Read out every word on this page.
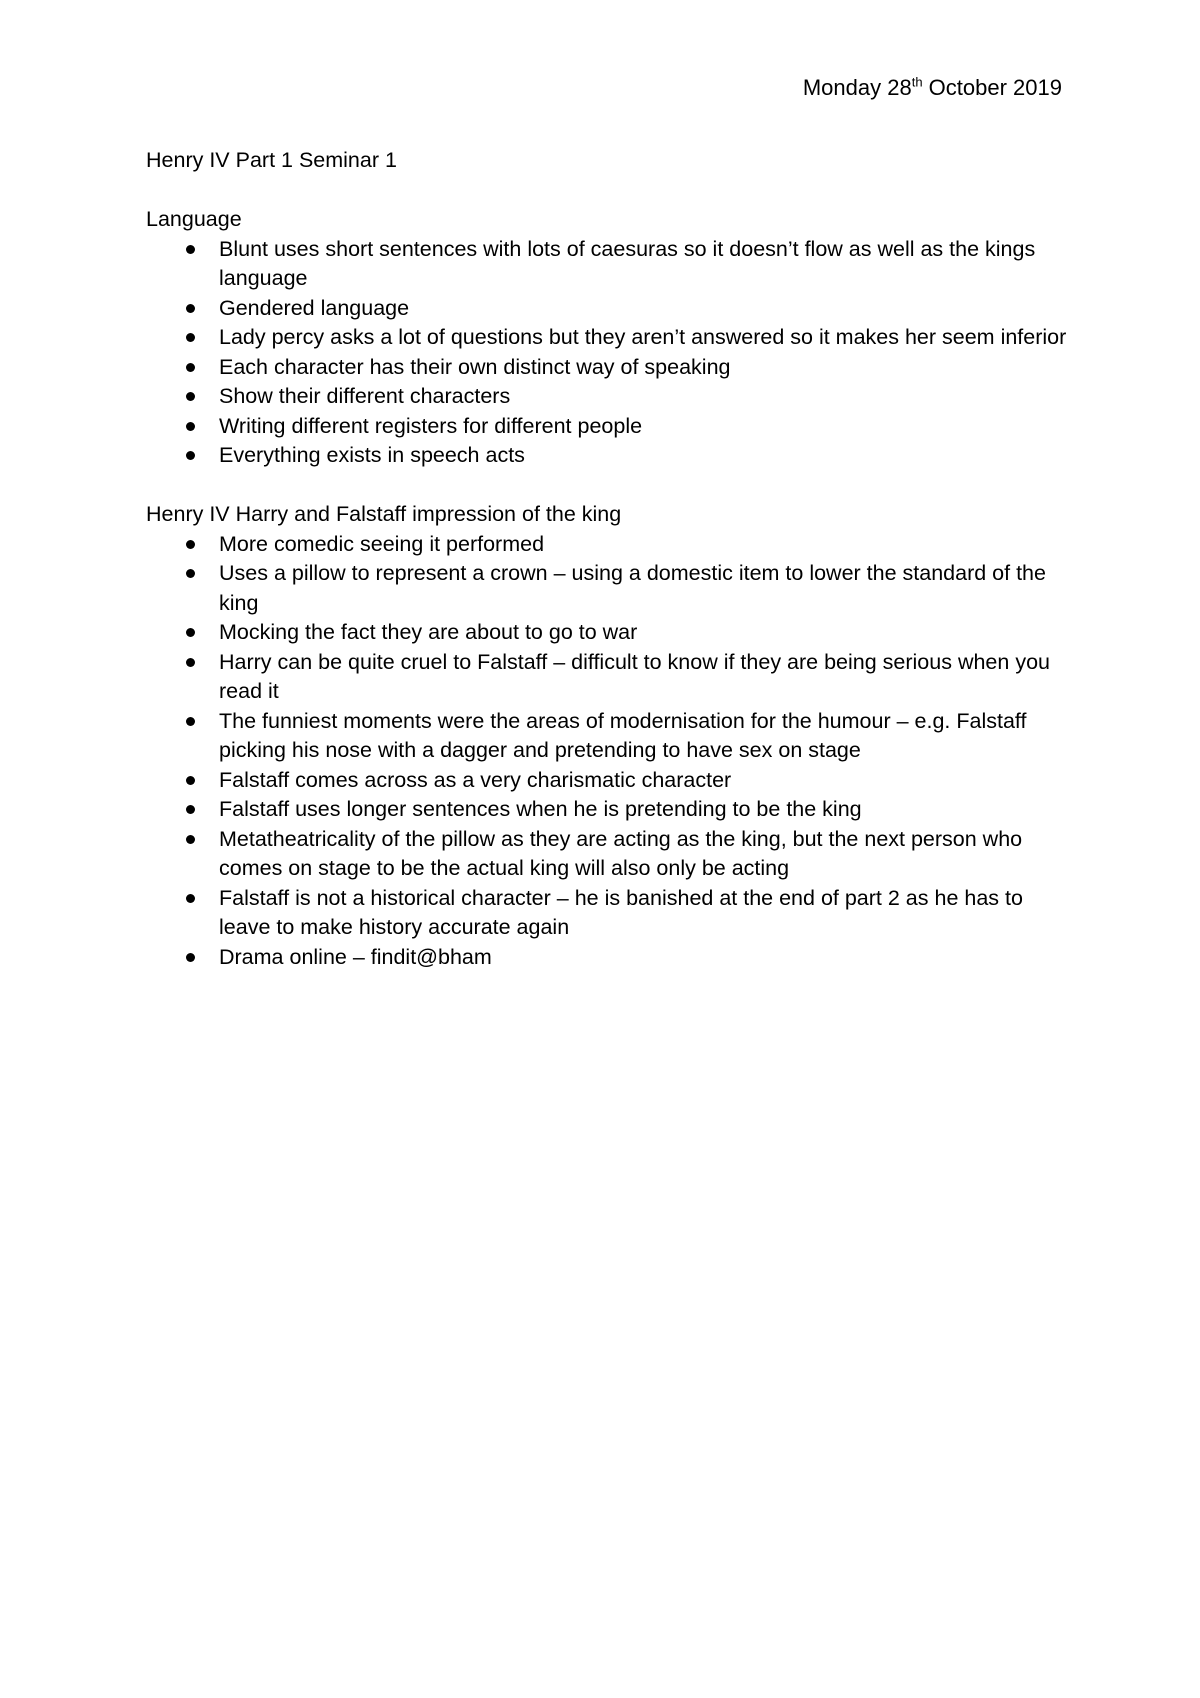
Monday 28th October 2019

Henry IV Part 1 Seminar 1

Language

Blunt uses short sentences with lots of caesuras so it doesn’t flow as well as the kings language
Gendered language
Lady percy asks a lot of questions but they aren’t answered so it makes her seem inferior
Each character has their own distinct way of speaking
Show their different characters
Writing different registers for different people
Everything exists in speech acts

Henry IV Harry and Falstaff impression of the king

More comedic seeing it performed
Uses a pillow to represent a crown – using a domestic item to lower the standard of the king
Mocking the fact they are about to go to war
Harry can be quite cruel to Falstaff – difficult to know if they are being serious when you read it
The funniest moments were the areas of modernisation for the humour – e.g. Falstaff picking his nose with a dagger and pretending to have sex on stage
Falstaff comes across as a very charismatic character
Falstaff uses longer sentences when he is pretending to be the king
Metatheatricality of the pillow as they are acting as the king, but the next person who comes on stage to be the actual king will also only be acting
Falstaff is not a historical character – he is banished at the end of part 2 as he has to leave to make history accurate again
Drama online – findit@bham
